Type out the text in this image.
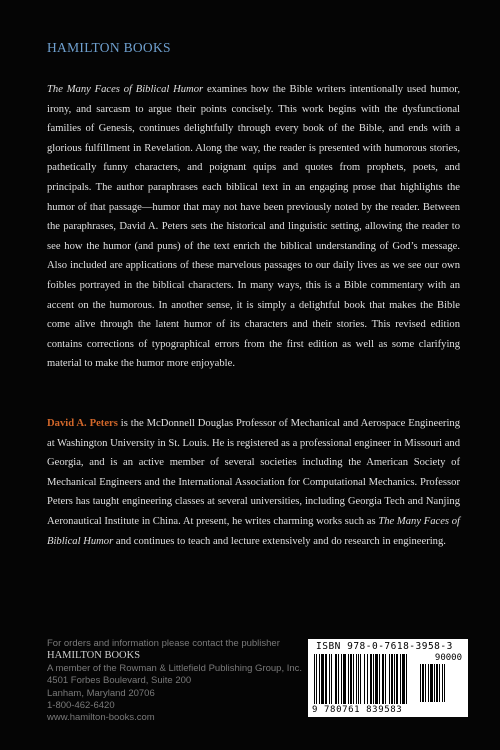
HAMILTON BOOKS

The Many Faces of Biblical Humor examines how the Bible writers intentionally used humor, irony, and sarcasm to argue their points concisely. This work begins with the dysfunctional families of Genesis, continues delightfully through every book of the Bible, and ends with a glorious fulfillment in Revelation. Along the way, the reader is presented with humorous stories, pathetically funny characters, and poignant quips and quotes from prophets, poets, and principals. The author paraphrases each biblical text in an engaging prose that highlights the humor of that passage—humor that may not have been previously noted by the reader. Between the paraphrases, David A. Peters sets the historical and linguistic setting, allowing the reader to see how the humor (and puns) of the text enrich the biblical understanding of God’s message. Also included are applications of these marvelous passages to our daily lives as we see our own foibles portrayed in the biblical characters. In many ways, this is a Bible commentary with an accent on the humorous. In another sense, it is simply a delightful book that makes the Bible come alive through the latent humor of its characters and their stories. This revised edition contains corrections of typographical errors from the first edition as well as some clarifying material to make the humor more enjoyable.

David A. Peters is the McDonnell Douglas Professor of Mechanical and Aerospace Engineering at Washington University in St. Louis. He is registered as a professional engineer in Missouri and Georgia, and is an active member of several societies including the American Society of Mechanical Engineers and the International Association for Computational Mechanics. Professor Peters has taught engineering classes at several universities, including Georgia Tech and Nanjing Aeronautical Institute in China. At present, he writes charming works such as The Many Faces of Biblical Humor and continues to teach and lecture extensively and do research in engineering.

For orders and information please contact the publisher
HAMILTON BOOKS
A member of the Rowman & Littlefield Publishing Group, Inc.
4501 Forbes Boulevard, Suite 200
Lanham, Maryland 20706
1-800-462-6420
www.hamilton-books.com
ISBN 978-0-7618-3958-3
90000
9 780761 839583
